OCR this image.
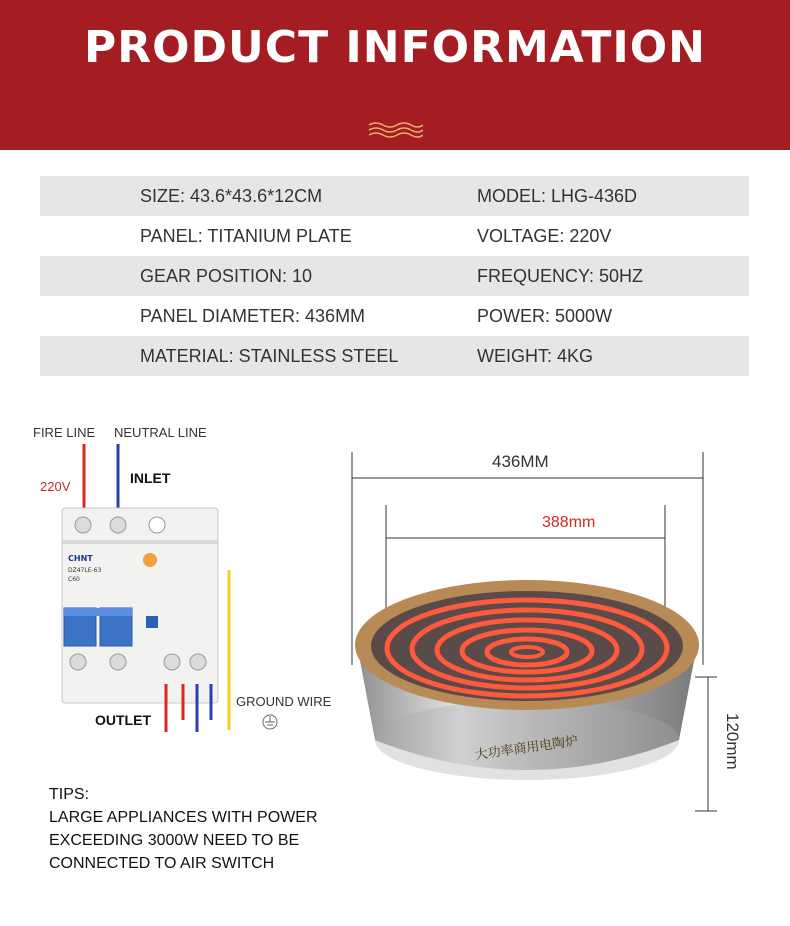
PRODUCT INFORMATION
SIZE: 43.6*43.6*12CM	MODEL: LHG-436D
PANEL: TITANIUM PLATE	VOLTAGE: 220V
GEAR POSITION: 10	FREQUENCY: 50HZ
PANEL DIAMETER: 436MM	POWER: 5000W
MATERIAL: STAINLESS STEEL	WEIGHT: 4KG
FIRE LINE NEUTRAL LINE
220V
INLET
OUTLET
GROUND WIRE
CHNT
DZ47LE-63
C60
TIPS:
LARGE APPLIANCES WITH POWER
EXCEEDING 3000W NEED TO BE
CONNECTED TO AIR SWITCH
大功率商用电陶炉
436MM
388mm
120mm
